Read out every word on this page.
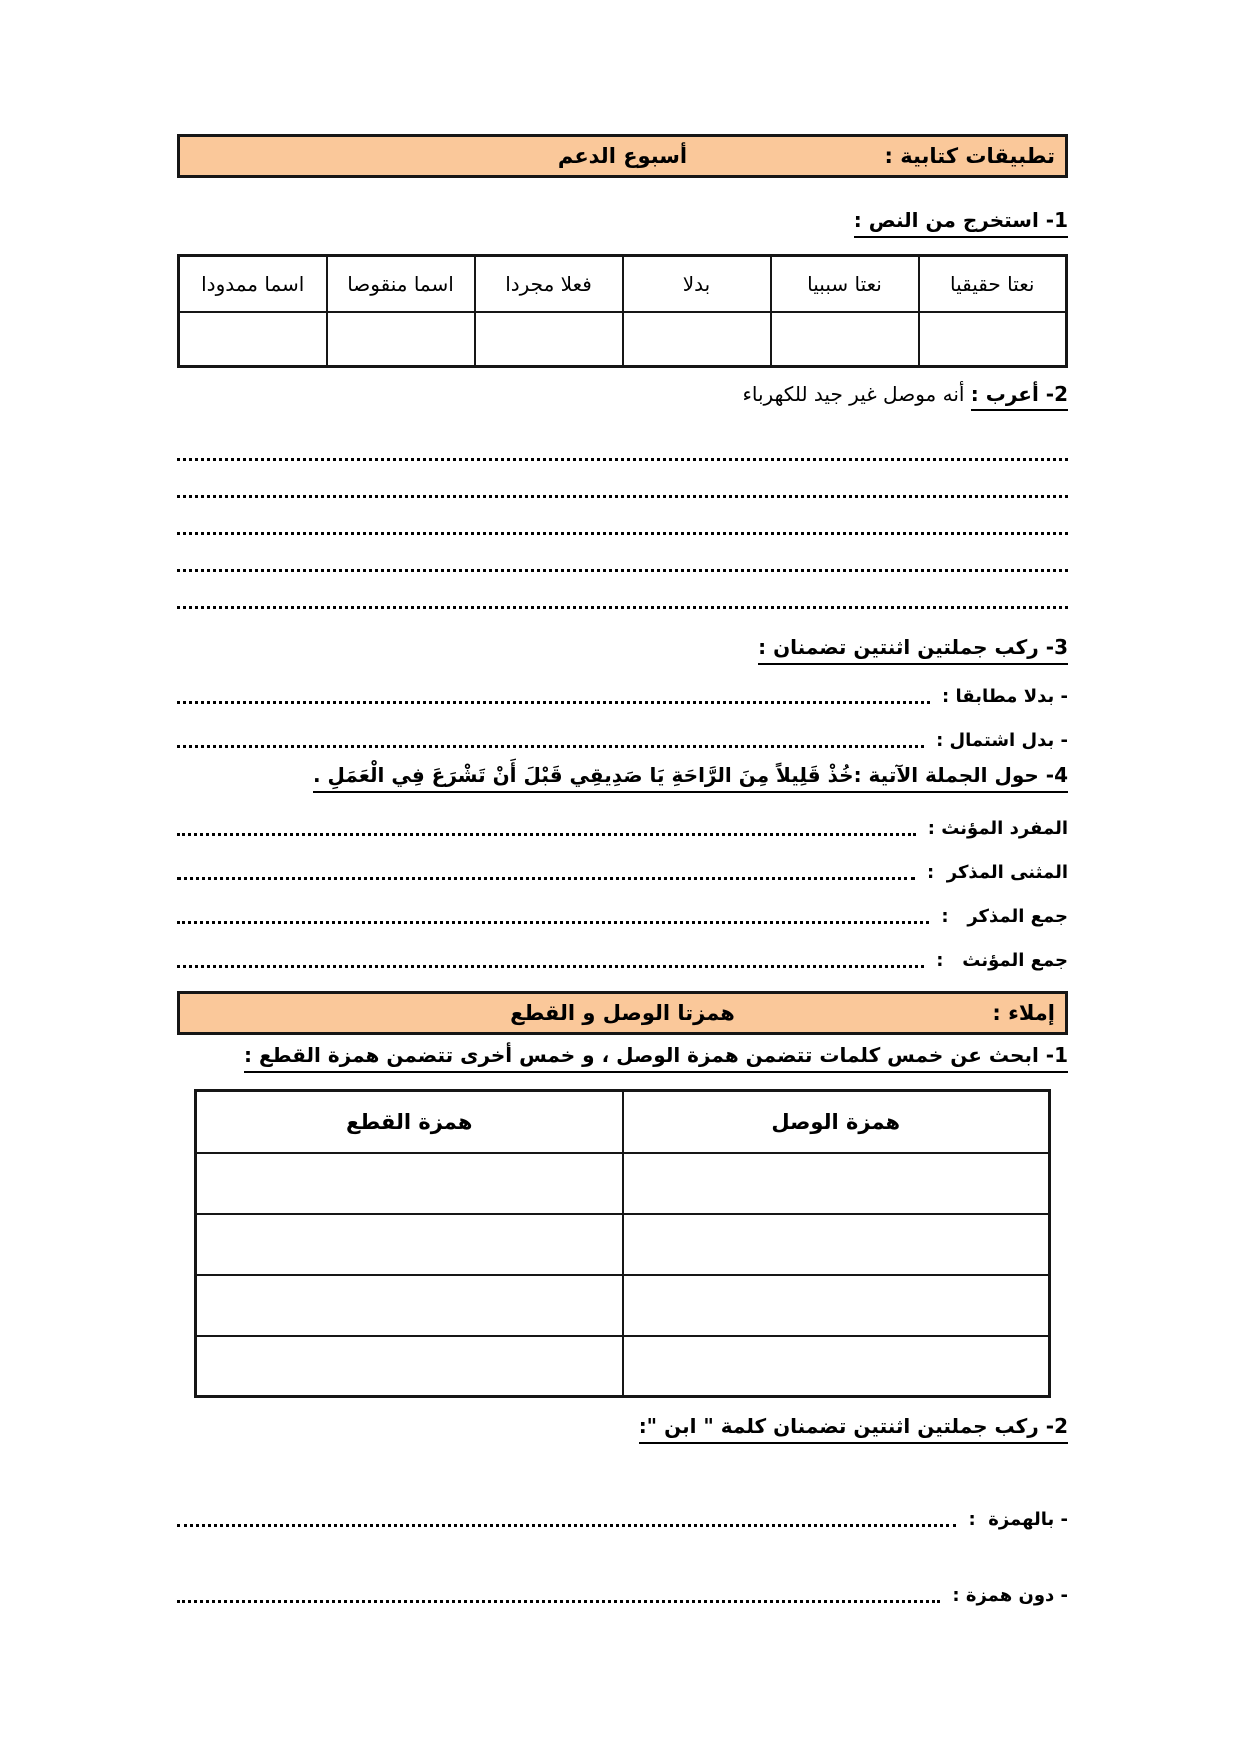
تطبيقات كتابية :
أسبوع الدعم
1- استخرج من النص :
نعتا حقيقيا	نعتا سببيا	بدلا	فعلا مجردا	اسما منقوصا	اسما ممدودا

2- أعرب : أنه موصل غير جيد للكهرباء
3- ركب جملتين اثنتين تضمنان :
- بدلا مطابقا :
- بدل اشتمال :
4- حول الجملة الآتية :خُذْ قَلِيلاً مِنَ الرَّاحَةِ يَا صَدِيقِي قَبْلَ أَنْ تَشْرَعَ فِي الْعَمَلِ .
المفرد المؤنث :
المثنى المذكر  :
جمع المذكر   :
جمع المؤنث   :
إملاء :
همزتا الوصل و القطع
1- ابحث عن خمس كلمات تتضمن همزة الوصل ، و خمس أخرى تتضمن همزة القطع :
همزة الوصل	همزة القطع

2- ركب جملتين اثنتين تضمنان كلمة " ابن ":
- بالهمزة  :
- دون همزة :
